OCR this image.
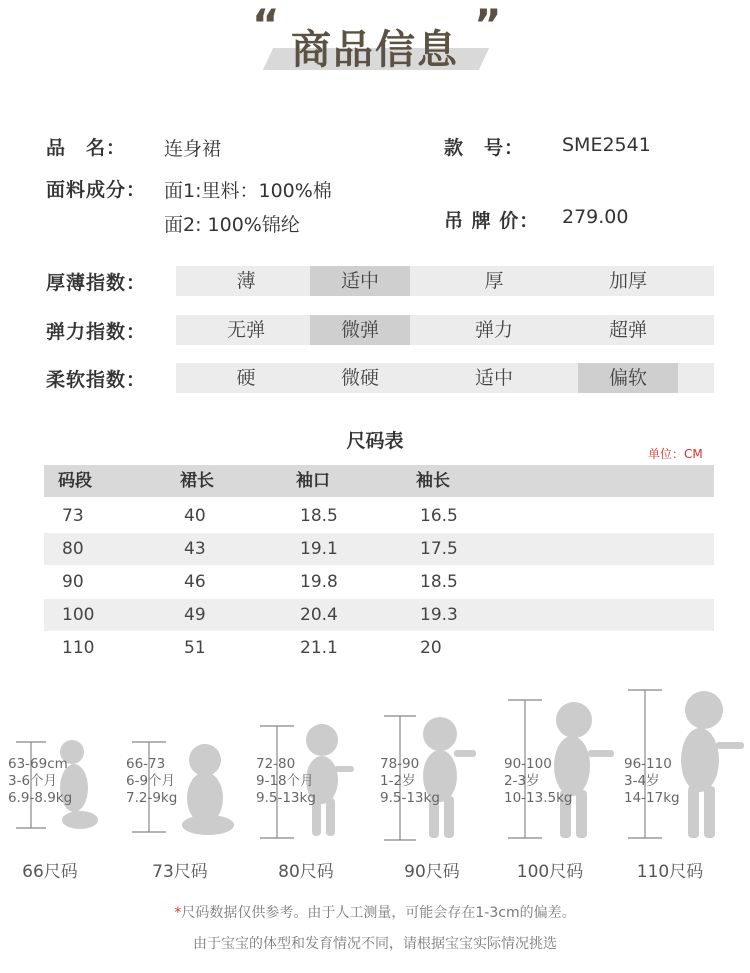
“	”
商品信息
品　名： 连身裙	款　号： SME2541
面料成分： 面1:里料：100%棉
面2: 100%锦纶	吊 牌 价： 279.00
厚薄指数：	薄	适中	厚	加厚
弹力指数：	无弹	微弹	弹力	超弹
柔软指数：	硬	微硬	适中	偏软
尺码表
单位：CM
码段	裙长	袖口	袖长
73	40	18.5	16.5
80	43	19.1	17.5
90	46	19.8	18.5
100	49	20.4	19.3
110	51	21.1	20
63-69cm
3-6个月
6.9-8.9kg
66尺码
66-73
6-9个月
7.2-9kg
73尺码
72-80
9-18个月
9.5-13kg
80尺码
78-90
1-2岁
9.5-13kg
90尺码
90-100
2-3岁
10-13.5kg
100尺码
96-110
3-4岁
14-17kg
110尺码
*尺码数据仅供参考。由于人工测量，可能会存在1-3cm的偏差。
由于宝宝的体型和发育情况不同，请根据宝宝实际情况挑选
